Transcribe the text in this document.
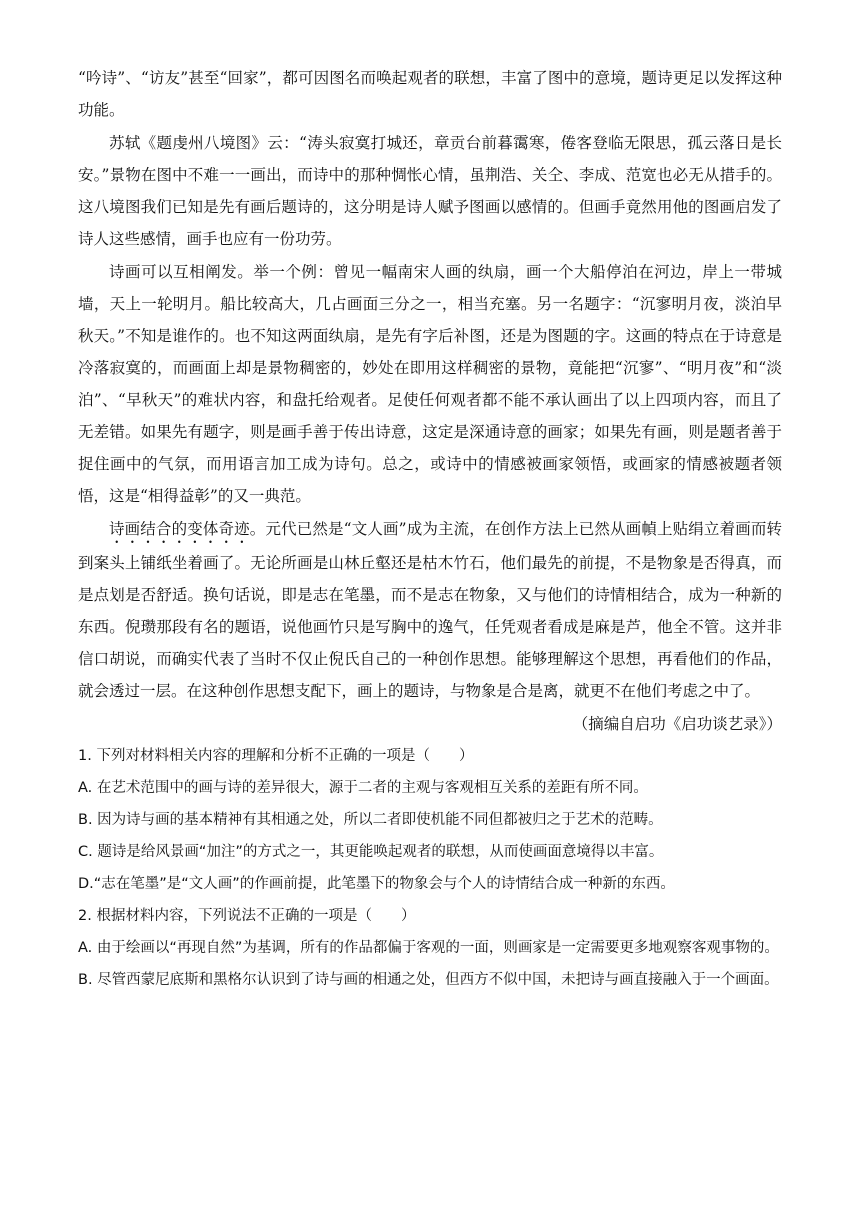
“吟诗”、“访友”甚至“回家”，都可因图名而唤起观者的联想，丰富了图中的意境，题诗更足以发挥这种功能。

苏轼《题虔州八境图》云：“涛头寂寞打城还，章贡台前暮霭寒，倦客登临无限思，孤云落日是长安。”景物在图中不难一一画出，而诗中的那种惆怅心情，虽荆浩、关仝、李成、范宽也必无从措手的。这八境图我们已知是先有画后题诗的，这分明是诗人赋予图画以感情的。但画手竟然用他的图画启发了诗人这些感情，画手也应有一份功劳。

诗画可以互相阐发。举一个例：曾见一幅南宋人画的纨扇，画一个大船停泊在河边，岸上一带城墙，天上一轮明月。船比较高大，几占画面三分之一，相当充塞。另一名题字：“沉寥明月夜，淡泊早秋天。”不知是谁作的。也不知这两面纨扇，是先有字后补图，还是为图题的字。这画的特点在于诗意是冷落寂寞的，而画面上却是景物稠密的，妙处在即用这样稠密的景物，竟能把“沉寥”、“明月夜”和“淡泊”、“早秋天”的难状内容，和盘托给观者。足使任何观者都不能不承认画出了以上四项内容，而且了无差错。如果先有题字，则是画手善于传出诗意，这定是深通诗意的画家；如果先有画，则是题者善于捉住画中的气氛，而用语言加工成为诗句。总之，或诗中的情感被画家领悟，或画家的情感被题者领悟，这是“相得益彰”的又一典范。

诗画结合的变体奇迹。元代已然是“文人画”成为主流，在创作方法上已然从画幀上贴绢立着画而转到案头上铺纸坐着画了。无论所画是山林丘壑还是枯木竹石，他们最先的前提，不是物象是否得真，而是点划是否舒适。换句话说，即是志在笔墨，而不是志在物象，又与他们的诗情相结合，成为一种新的东西。倪瓒那段有名的题语，说他画竹只是写胸中的逸气，任凭观者看成是麻是芦，他全不管。这并非信口胡说，而确实代表了当时不仅止倪氏自己的一种创作思想。能够理解这个思想，再看他们的作品，就会透过一层。在这种创作思想支配下，画上的题诗，与物象是合是离，就更不在他们考虑之中了。

（摘编自启功《启功谈艺录》）

1. 下列对材料相关内容的理解和分析不正确的一项是（　　）

A. 在艺术范围中的画与诗的差异很大，源于二者的主观与客观相互关系的差距有所不同。

B. 因为诗与画的基本精神有其相通之处，所以二者即使机能不同但都被归之于艺术的范畴。

C. 题诗是给风景画“加注”的方式之一，其更能唤起观者的联想，从而使画面意境得以丰富。

D.“志在笔墨”是“文人画”的作画前提，此笔墨下的物象会与个人的诗情结合成一种新的东西。

2. 根据材料内容，下列说法不正确的一项是（　　）

A. 由于绘画以“再现自然”为基调，所有的作品都偏于客观的一面，则画家是一定需要更多地观察客观事物的。

B. 尽管西蒙尼底斯和黑格尔认识到了诗与画的相通之处，但西方不似中国，未把诗与画直接融入于一个画面。
